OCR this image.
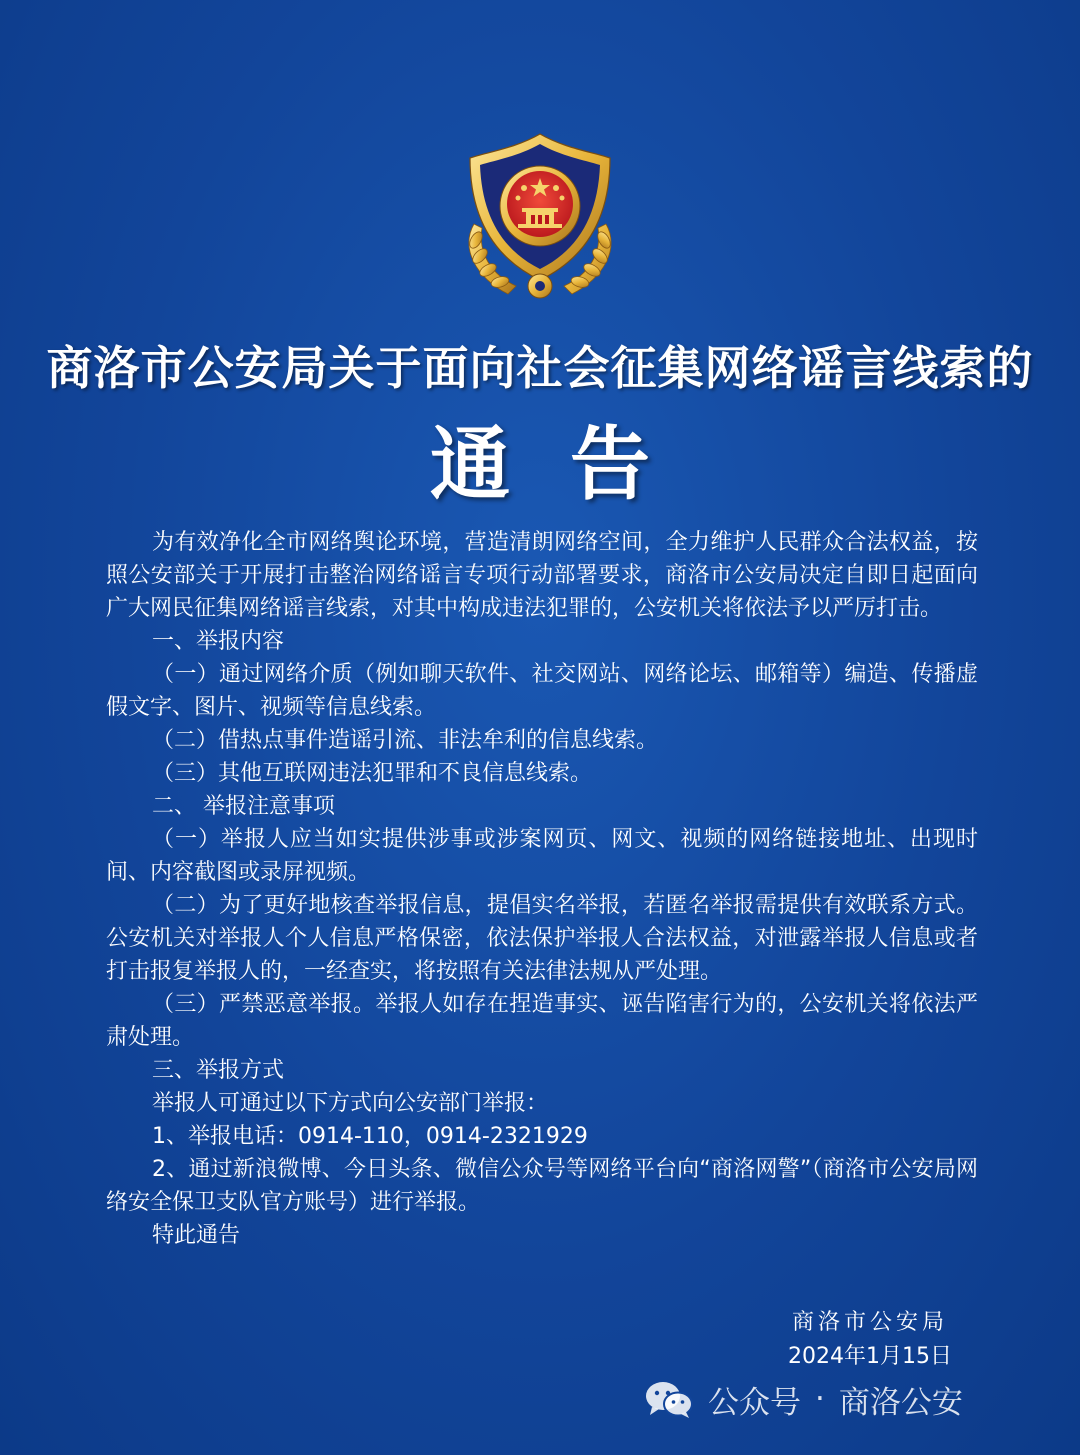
商洛市公安局关于面向社会征集网络谣言线索的
通告

为有效净化全市网络舆论环境，营造清朗网络空间，全力维护人民群众合法权益，按照公安部关于开展打击整治网络谣言专项行动部署要求，商洛市公安局决定自即日起面向广大网民征集网络谣言线索，对其中构成违法犯罪的，公安机关将依法予以严厉打击。

一、举报内容

（一）通过网络介质（例如聊天软件、社交网站、网络论坛、邮箱等）编造、传播虚假文字、图片、视频等信息线索。

（二）借热点事件造谣引流、非法牟利的信息线索。

（三）其他互联网违法犯罪和不良信息线索。

二、 举报注意事项

（一）举报人应当如实提供涉事或涉案网页、网文、视频的网络链接地址、出现时间、内容截图或录屏视频。

（二）为了更好地核查举报信息，提倡实名举报，若匿名举报需提供有效联系方式。公安机关对举报人个人信息严格保密，依法保护举报人合法权益，对泄露举报人信息或者打击报复举报人的，一经查实，将按照有关法律法规从严处理。

（三）严禁恶意举报。举报人如存在捏造事实、诬告陷害行为的，公安机关将依法严肃处理。

三、举报方式

举报人可通过以下方式向公安部门举报：

1、举报电话：0914-110，0914-2321929

2、通过新浪微博、今日头条、微信公众号等网络平台向“商洛网警”（商洛市公安局网络安全保卫支队官方账号）进行举报。

特此通告

商洛市公安局
2024年1月15日
公众号 · 商洛公安
